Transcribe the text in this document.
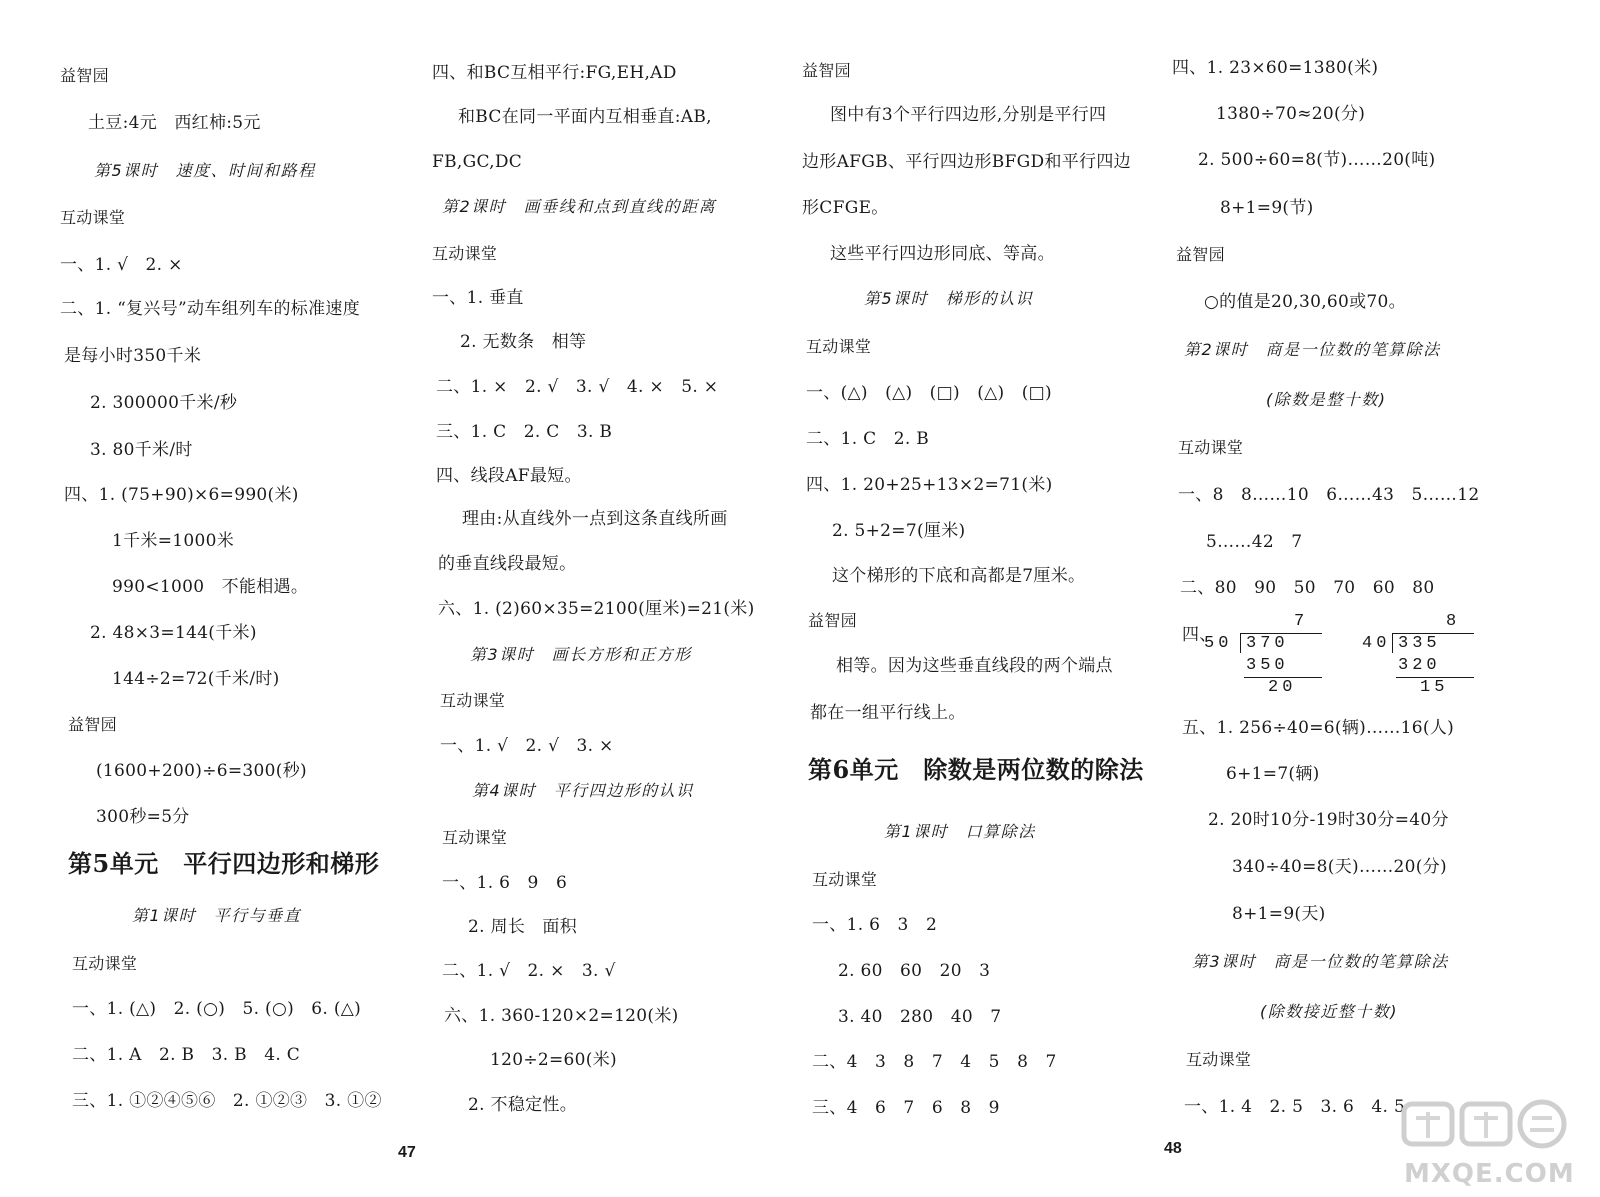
益智园
土豆:4元　西红柿:5元
第5课时　速度、时间和路程
互动课堂
一、1. √　2. ×
二、1. “复兴号”动车组列车的标准速度
是每小时350千米
2. 300000千米/秒
3. 80千米/时
四、1. (75+90)×6=990(米)
1千米=1000米
990<1000　不能相遇。
2. 48×3=144(千米)
144÷2=72(千米/时)
益智园
(1600+200)÷6=300(秒)
300秒=5分
第5单元　平行四边形和梯形
第1课时　平行与垂直
互动课堂
一、1. (△)　2. (○)　5. (○)　6. (△)
二、1. A　2. B　3. B　4. C
三、1. ①②④⑤⑥　2. ①②③　3. ①②
四、和BC互相平行:FG,EH,AD
和BC在同一平面内互相垂直:AB,
FB,GC,DC
第2课时　画垂线和点到直线的距离
互动课堂
一、1. 垂直
2. 无数条　相等
二、1. ×　2. √　3. √　4. ×　5. ×
三、1. C　2. C　3. B
四、线段AF最短。
理由:从直线外一点到这条直线所画
的垂直线段最短。
六、1. (2)60×35=2100(厘米)=21(米)
第3课时　画长方形和正方形
互动课堂
一、1. √　2. √　3. ×
第4课时　平行四边形的认识
互动课堂
一、1. 6　9　6
2. 周长　面积
二、1. √　2. ×　3. √
六、1. 360-120×2=120(米)
120÷2=60(米)
2. 不稳定性。
益智园
图中有3个平行四边形,分别是平行四
边形AFGB、平行四边形BFGD和平行四边
形CFGE。
这些平行四边形同底、等高。
第5课时　梯形的认识
互动课堂
一、(△)　(△)　(□)　(△)　(□)
二、1. C　2. B
四、1. 20+25+13×2=71(米)
2. 5+2=7(厘米)
这个梯形的下底和高都是7厘米。
益智园
相等。因为这些垂直线段的两个端点
都在一组平行线上。
第6单元　除数是两位数的除法
第1课时　口算除法
互动课堂
一、1. 6　3　2
2. 60　60　20　3
3. 40　280　40　7
二、4　3　8　7　4　5　8　7
三、4　6　7　6　8　9
四、1. 23×60=1380(米)
1380÷70≈20(分)
2. 500÷60=8(节)……20(吨)
8+1=9(节)
益智园
○的值是20,30,60或70。
第2课时　商是一位数的笔算除法
(除数是整十数)
互动课堂
一、8　8……10　6……43　5……12
5……42　7
二、80　90　50　70　60　80
四、
7
50 370
350
20
8
40 335
320
15
五、1. 256÷40=6(辆)……16(人)
6+1=7(辆)
2. 20时10分-19时30分=40分
340÷40=8(天)……20(分)
8+1=9(天)
第3课时　商是一位数的笔算除法
(除数接近整十数)
互动课堂
一、1. 4　2. 5　3. 6　4. 5
47	48
MXQE.COM
